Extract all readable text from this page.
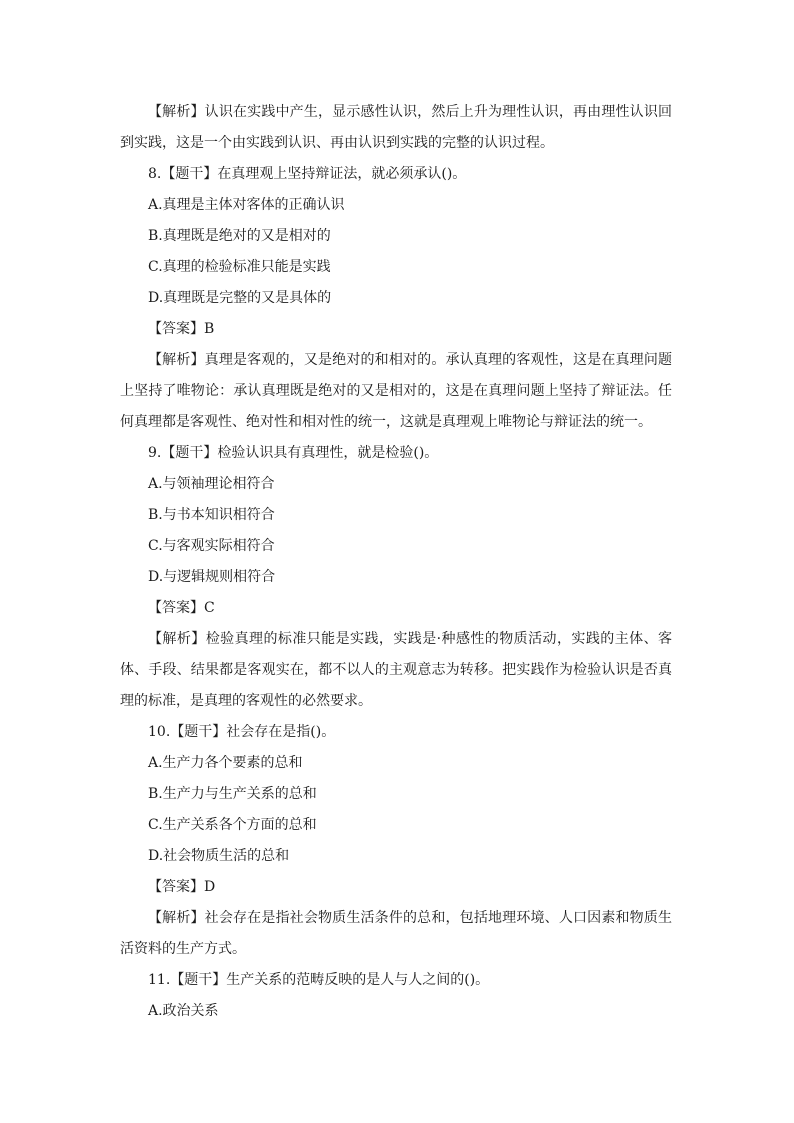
【解析】认识在实践中产生，显示感性认识，然后上升为理性认识，再由理性认识回到实践，这是一个由实践到认识、再由认识到实践的完整的认识过程。
8.【题干】在真理观上坚持辩证法，就必须承认()。
A.真理是主体对客体的正确认识
B.真理既是绝对的又是相对的
C.真理的检验标准只能是实践
D.真理既是完整的又是具体的
【答案】B
【解析】真理是客观的，又是绝对的和相对的。承认真理的客观性，这是在真理问题上坚持了唯物论：承认真理既是绝对的又是相对的，这是在真理问题上坚持了辩证法。任何真理都是客观性、绝对性和相对性的统一，这就是真理观上唯物论与辩证法的统一。
9.【题干】检验认识具有真理性，就是检验()。
A.与领袖理论相符合
B.与书本知识相符合
C.与客观实际相符合
D.与逻辑规则相符合
【答案】C
【解析】检验真理的标准只能是实践，实践是·种感性的物质活动，实践的主体、客体、手段、结果都是客观实在，都不以人的主观意志为转移。把实践作为检验认识是否真理的标准，是真理的客观性的必然要求。
10.【题干】社会存在是指()。
A.生产力各个要素的总和
B.生产力与生产关系的总和
C.生产关系各个方面的总和
D.社会物质生活的总和
【答案】D
【解析】社会存在是指社会物质生活条件的总和，包括地理环境、人口因素和物质生活资料的生产方式。
11.【题干】生产关系的范畴反映的是人与人之间的()。
A.政治关系
